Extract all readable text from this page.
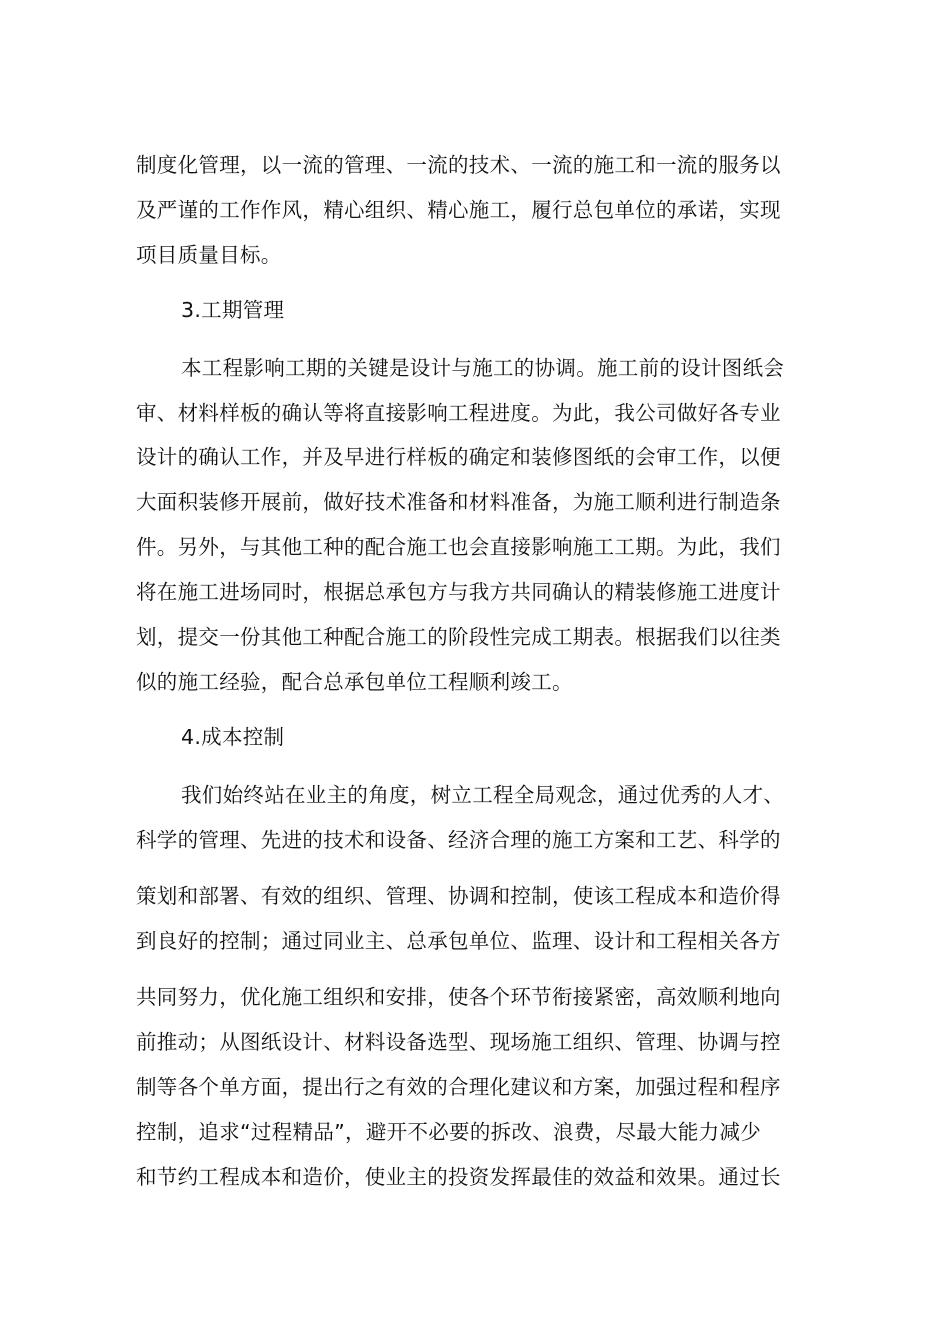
制度化管理，以一流的管理、一流的技术、一流的施工和一流的服务以
及严谨的工作作风，精心组织、精心施工，履行总包单位的承诺，实现
项目质量目标。
3.工期管理
本工程影响工期的关键是设计与施工的协调。施工前的设计图纸会
审、材料样板的确认等将直接影响工程进度。为此，我公司做好各专业
设计的确认工作，并及早进行样板的确定和装修图纸的会审工作，以便
大面积装修开展前，做好技术准备和材料准备，为施工顺利进行制造条
件。另外，与其他工种的配合施工也会直接影响施工工期。为此，我们
将在施工进场同时，根据总承包方与我方共同确认的精装修施工进度计
划，提交一份其他工种配合施工的阶段性完成工期表。根据我们以往类
似的施工经验，配合总承包单位工程顺利竣工。
4.成本控制
我们始终站在业主的角度，树立工程全局观念，通过优秀的人才、
科学的管理、先进的技术和设备、经济合理的施工方案和工艺、科学的
策划和部署、有效的组织、管理、协调和控制，使该工程成本和造价得
到良好的控制；通过同业主、总承包单位、监理、设计和工程相关各方
共同努力，优化施工组织和安排，使各个环节衔接紧密，高效顺利地向
前推动；从图纸设计、材料设备选型、现场施工组织、管理、协调与控
制等各个单方面，提出行之有效的合理化建议和方案，加强过程和程序
控制，追求“过程精品”，避开不必要的拆改、浪费，尽最大能力减少
和节约工程成本和造价，使业主的投资发挥最佳的效益和效果。通过长
